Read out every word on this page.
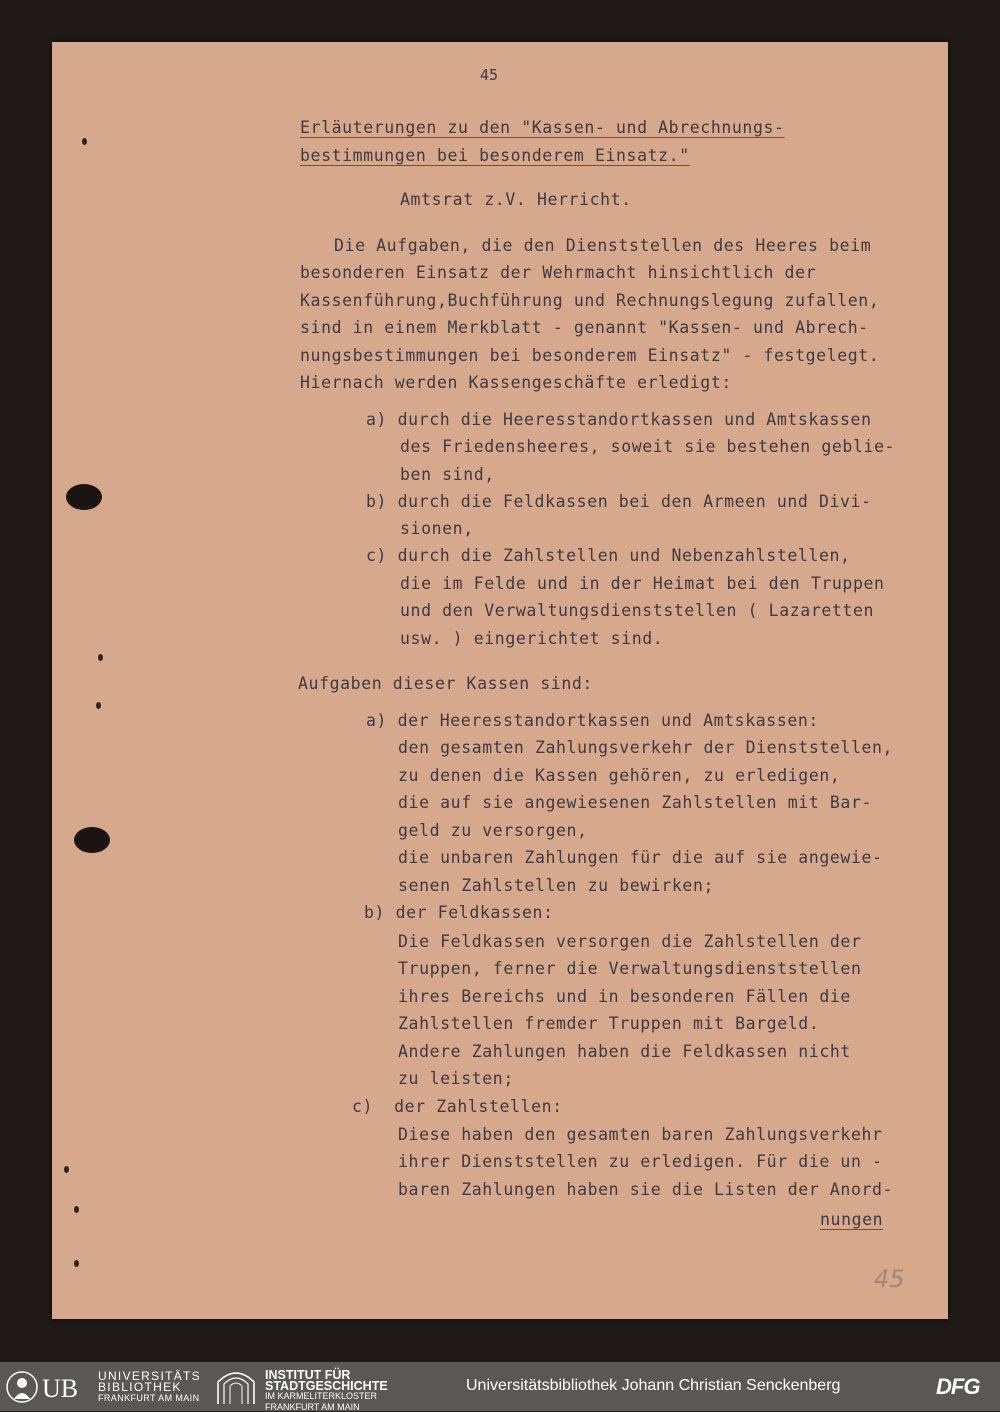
45
Erläuterungen zu den "Kassen- und Abrechnungs-
bestimmungen bei besonderem Einsatz."
Amtsrat z.V. Herricht.
Die Aufgaben, die den Dienststellen des Heeres beim
besonderen Einsatz der Wehrmacht hinsichtlich der
Kassenführung,Buchführung und Rechnungslegung zufallen,
sind in einem Merkblatt - genannt "Kassen- und Abrech-
nungsbestimmungen bei besonderem Einsatz" - festgelegt.
Hiernach werden Kassengeschäfte erledigt:
a) durch die Heeresstandortkassen und Amtskassen
des Friedensheeres, soweit sie bestehen geblie-
ben sind,
b) durch die Feldkassen bei den Armeen und Divi-
sionen,
c) durch die Zahlstellen und Nebenzahlstellen,
die im Felde und in der Heimat bei den Truppen
und den Verwaltungsdienststellen ( Lazaretten
usw. ) eingerichtet sind.
Aufgaben dieser Kassen sind:
a) der Heeresstandortkassen und Amtskassen:
den gesamten Zahlungsverkehr der Dienststellen,
zu denen die Kassen gehören, zu erledigen,
die auf sie angewiesenen Zahlstellen mit Bar-
geld zu versorgen,
die unbaren Zahlungen für die auf sie angewie-
senen Zahlstellen zu bewirken;
b) der Feldkassen:
Die Feldkassen versorgen die Zahlstellen der
Truppen, ferner die Verwaltungsdienststellen
ihres Bereichs und in besonderen Fällen die
Zahlstellen fremder Truppen mit Bargeld.
Andere Zahlungen haben die Feldkassen nicht
zu leisten;
c)  der Zahlstellen:
Diese haben den gesamten baren Zahlungsverkehr
ihrer Dienststellen zu erledigen. Für die un -
baren Zahlungen haben sie die Listen der Anord-
nungen
45
UB UNIVERSITÄTS
BIBLIOTHEK
FRANKFURT AM MAIN
INSTITUT FÜR
STADTGESCHICHTE
IM KARMELITERKLOSTER
FRANKFURT AM MAIN
Universitätsbibliothek Johann Christian Senckenberg	DFG
